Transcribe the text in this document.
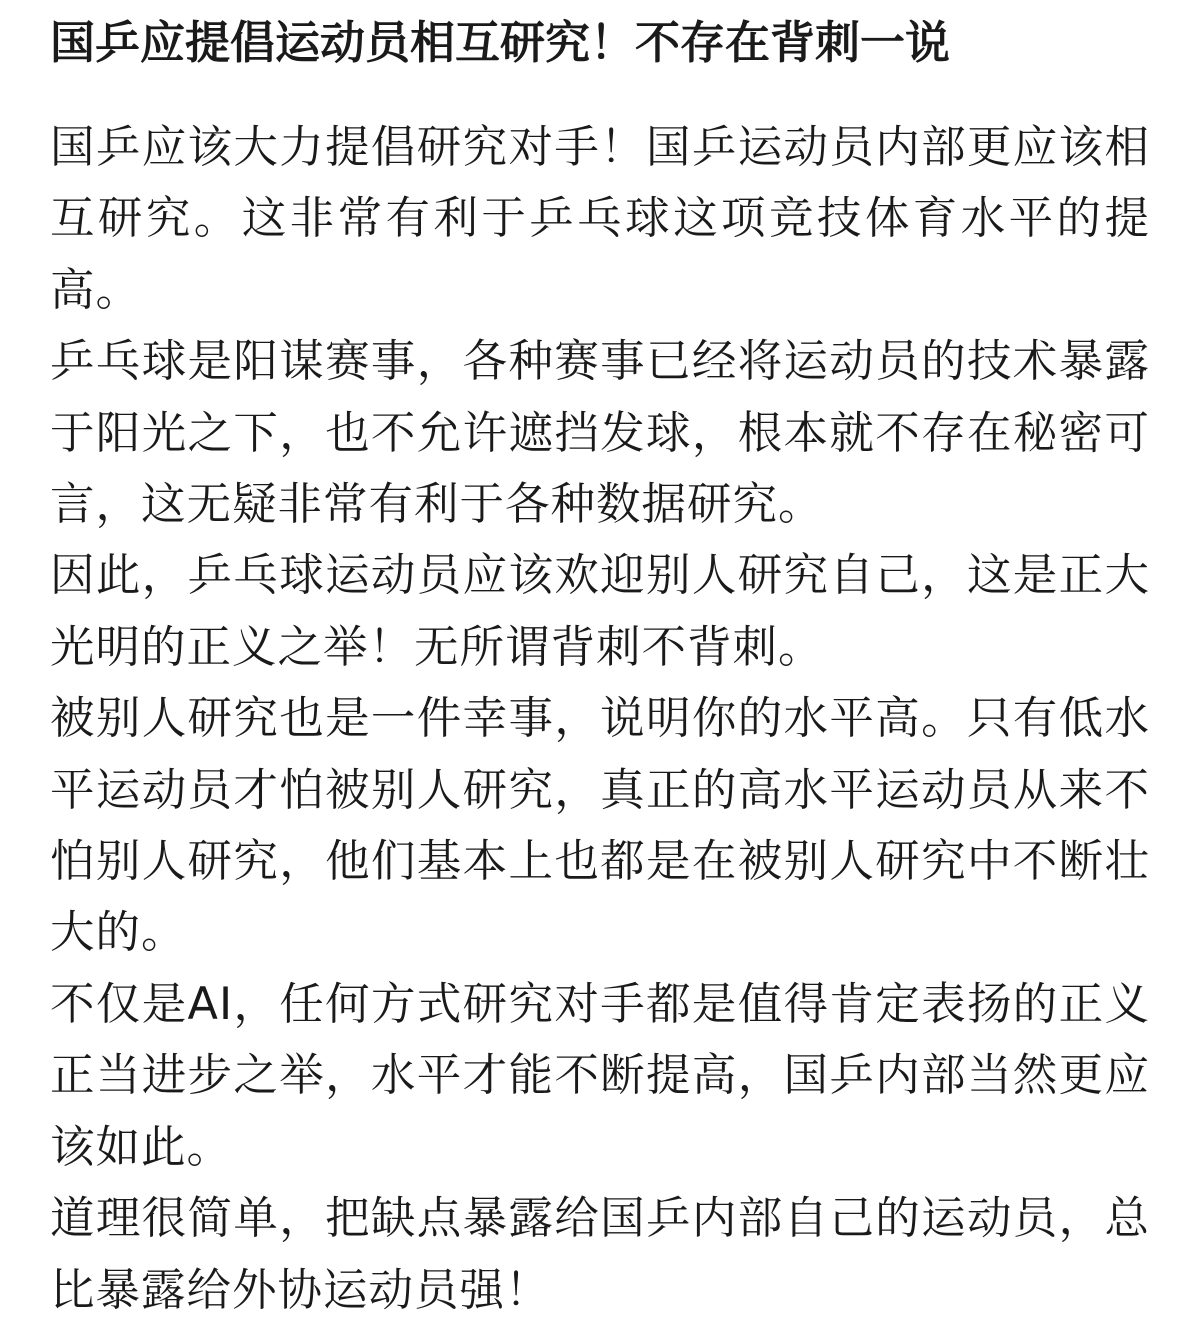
国乒应提倡运动员相互研究！不存在背刺一说

国乒应该大力提倡研究对手！国乒运动员内部更应该相互研究。这非常有利于乒乓球这项竞技体育水平的提高。

乒乓球是阳谋赛事，各种赛事已经将运动员的技术暴露于阳光之下，也不允许遮挡发球，根本就不存在秘密可言，这无疑非常有利于各种数据研究。

因此，乒乓球运动员应该欢迎别人研究自己，这是正大光明的正义之举！无所谓背刺不背刺。

被别人研究也是一件幸事，说明你的水平高。只有低水平运动员才怕被别人研究，真正的高水平运动员从来不怕别人研究，他们基本上也都是在被别人研究中不断壮大的。

不仅是AI，任何方式研究对手都是值得肯定表扬的正义正当进步之举，水平才能不断提高，国乒内部当然更应该如此。

道理很简单，把缺点暴露给国乒内部自己的运动员，总比暴露给外协运动员强！
